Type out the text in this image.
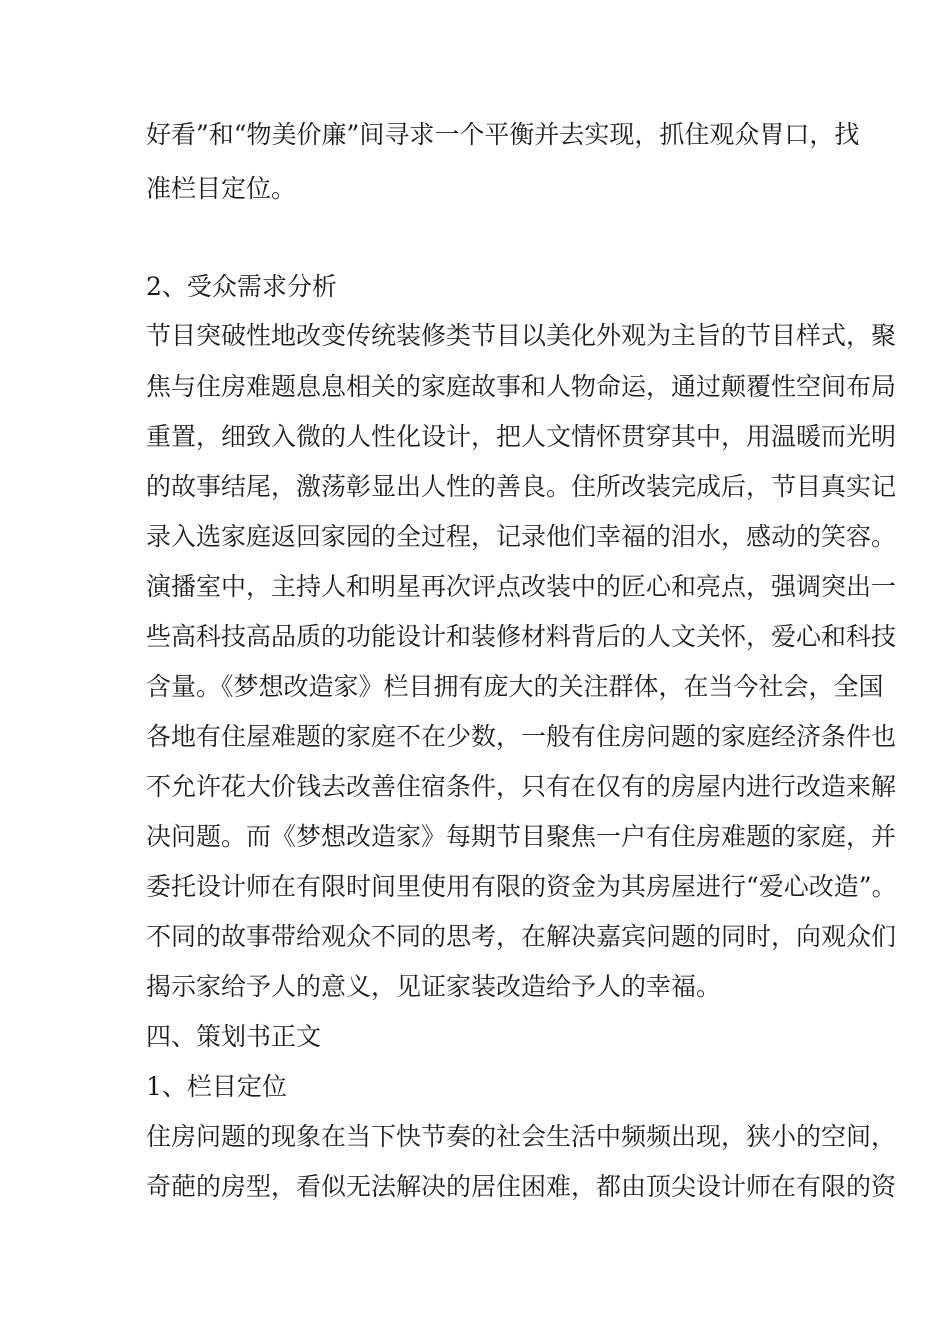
好看”和“物美价廉”间寻求一个平衡并去实现，抓住观众胃口，找
准栏目定位。
2、受众需求分析
节目突破性地改变传统装修类节目以美化外观为主旨的节目样式，聚
焦与住房难题息息相关的家庭故事和人物命运，通过颠覆性空间布局
重置，细致入微的人性化设计，把人文情怀贯穿其中，用温暖而光明
的故事结尾，激荡彰显出人性的善良。住所改装完成后，节目真实记
录入选家庭返回家园的全过程，记录他们幸福的泪水，感动的笑容。
演播室中，主持人和明星再次评点改装中的匠心和亮点，强调突出一
些高科技高品质的功能设计和装修材料背后的人文关怀，爱心和科技
含量。《梦想改造家》栏目拥有庞大的关注群体，在当今社会，全国
各地有住屋难题的家庭不在少数，一般有住房问题的家庭经济条件也
不允许花大价钱去改善住宿条件，只有在仅有的房屋内进行改造来解
决问题。而《梦想改造家》每期节目聚焦一户有住房难题的家庭，并
委托设计师在有限时间里使用有限的资金为其房屋进行“爱心改造”。
不同的故事带给观众不同的思考，在解决嘉宾问题的同时，向观众们
揭示家给予人的意义，见证家装改造给予人的幸福。
四、策划书正文
1、栏目定位
住房问题的现象在当下快节奏的社会生活中频频出现，狭小的空间，
奇葩的房型，看似无法解决的居住困难，都由顶尖设计师在有限的资
